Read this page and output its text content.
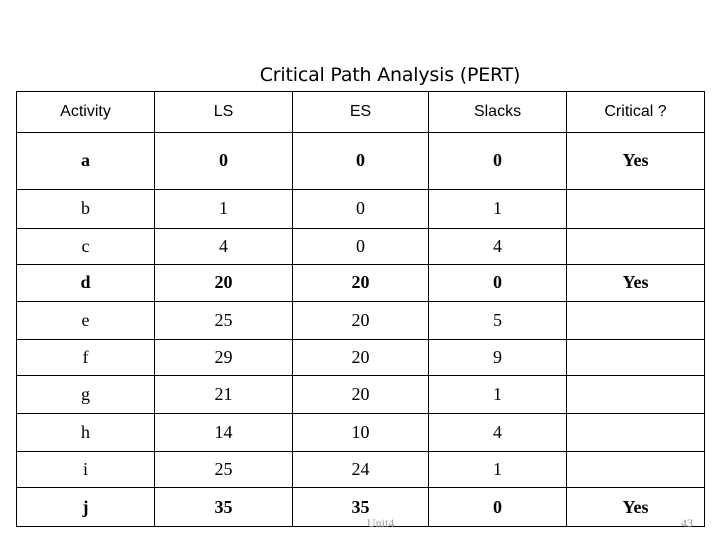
Critical Path Analysis (PERT)
Activity	LS	ES	Slacks	Critical ?
a	0	0	0	Yes
b	1	0	1	
c	4	0	4	
d	20	20	0	Yes
e	25	20	5	
f	29	20	9	
g	21	20	1	
h	14	10	4	
i	25	24	1	
j	35	35	0	Yes
Unit4	43
